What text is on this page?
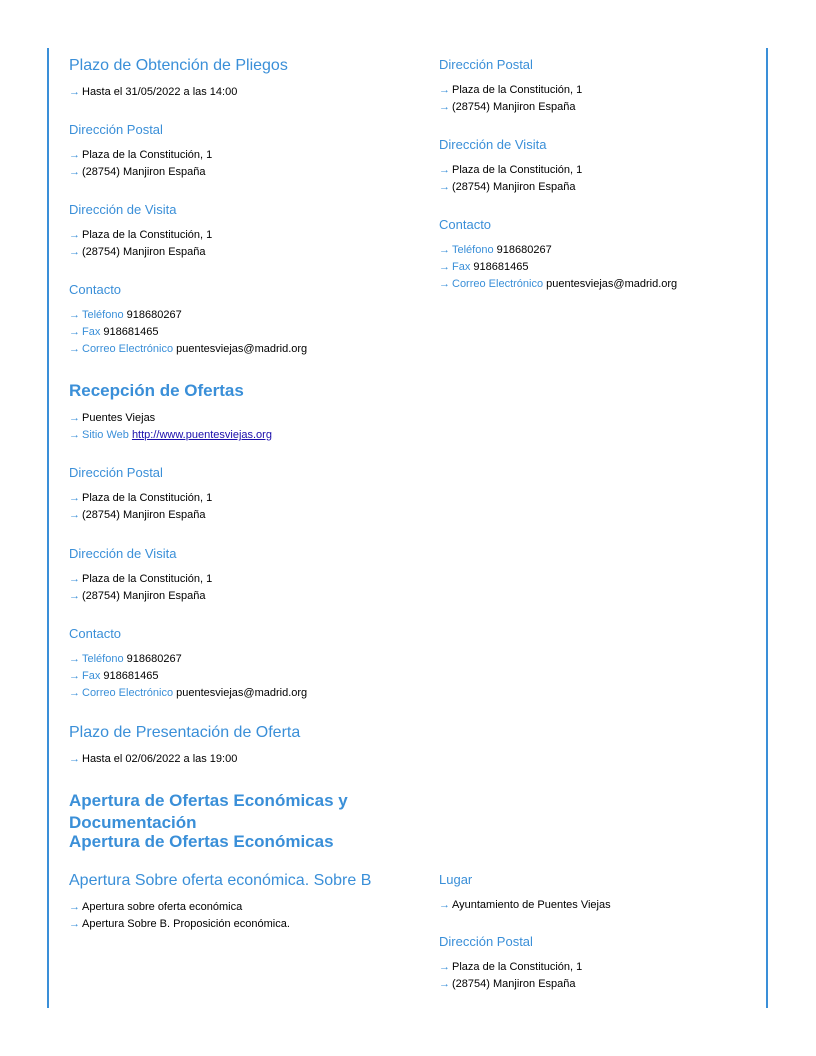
Plazo de Obtención de Pliegos
→ Hasta el 31/05/2022 a las 14:00
Dirección Postal
→ Plaza de la Constitución, 1
→ (28754) Manjiron España
Dirección de Visita
→ Plaza de la Constitución, 1
→ (28754) Manjiron España
Contacto
→ Teléfono 918680267
→ Fax 918681465
→ Correo Electrónico puentesviejas@madrid.org
Recepción de Ofertas
→ Puentes Viejas
→ Sitio Web http://www.puentesviejas.org
Dirección Postal
→ Plaza de la Constitución, 1
→ (28754) Manjiron España
Dirección de Visita
→ Plaza de la Constitución, 1
→ (28754) Manjiron España
Contacto
→ Teléfono 918680267
→ Fax 918681465
→ Correo Electrónico puentesviejas@madrid.org
Plazo de Presentación de Oferta
→ Hasta el 02/06/2022 a las 19:00
Apertura de Ofertas Económicas y Documentación
Apertura de Ofertas Económicas
Dirección Postal
→ Plaza de la Constitución, 1
→ (28754) Manjiron España
Dirección de Visita
→ Plaza de la Constitución, 1
→ (28754) Manjiron España
Contacto
→ Teléfono 918680267
→ Fax 918681465
→ Correo Electrónico puentesviejas@madrid.org
Apertura Sobre oferta económica. Sobre B
→ Apertura sobre oferta económica
→ Apertura Sobre B. Proposición económica.
Lugar
→ Ayuntamiento de Puentes Viejas
Dirección Postal
→ Plaza de la Constitución, 1
→ (28754) Manjiron España
